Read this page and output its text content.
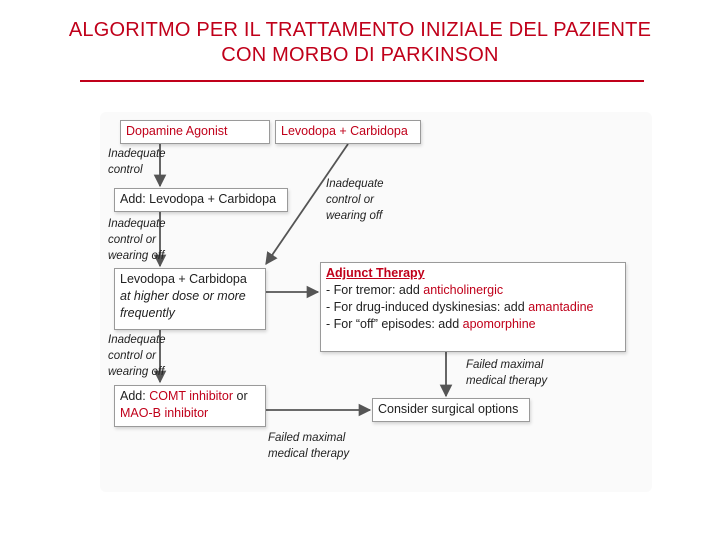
ALGORITMO PER IL TRATTAMENTO INIZIALE DEL PAZIENTE
CON MORBO DI PARKINSON
Dopamine Agonist	Levodopa + Carbidopa
Add: Levodopa + Carbidopa
Levodopa + Carbidopa
at higher dose or more
frequently
Adjunct Therapy
- For tremor: add anticholinergic
- For drug-induced dyskinesias: add amantadine
- For “off” episodes: add apomorphine
Add: COMT inhibitor or
MAO-B inhibitor	Consider surgical options
Inadequate
control
Inadequate
control or
wearing off
Inadequate
control or
wearing off
Inadequate
control or
wearing off
Failed maximal
medical therapy
Failed maximal
medical therapy
